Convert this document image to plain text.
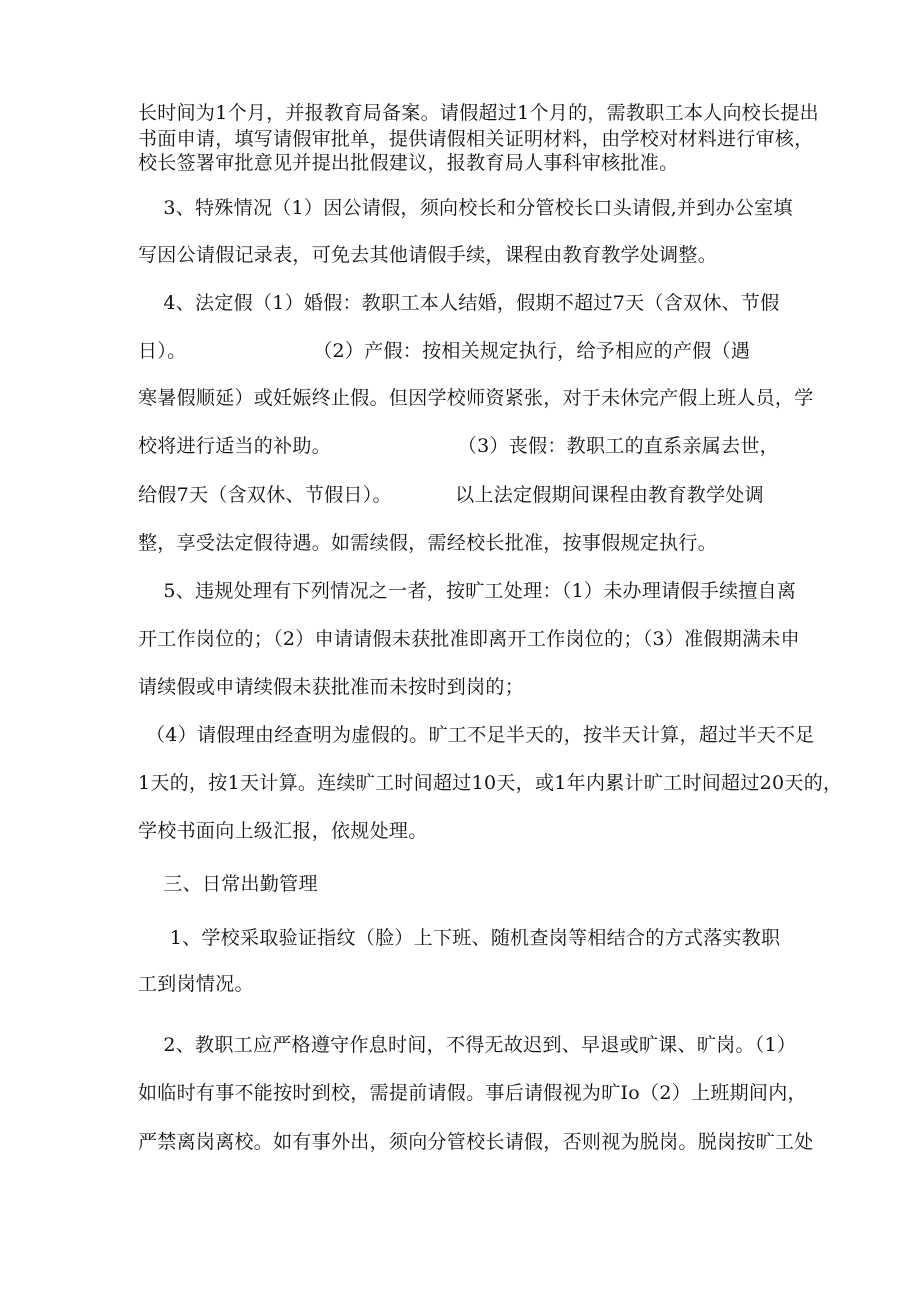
长时间为1个月，并报教育局备案。请假超过1个月的，需教职工本人向校长提出
书面申请，填写请假审批单，提供请假相关证明材料，由学校对材料进行审核，
校长签署审批意见并提出批假建议，报教育局人事科审核批准。
3、特殊情况（1）因公请假，须向校长和分管校长口头请假,并到办公室填
写因公请假记录表，可免去其他请假手续，课程由教育教学处调整。
4、法定假（1）婚假：教职工本人结婚，假期不超过7天（含双休、节假
日）。                    （2）产假：按相关规定执行，给予相应的产假（遇
寒暑假顺延）或妊娠终止假。但因学校师资紧张，对于未休完产假上班人员，学
校将进行适当的补助。                    （3）丧假：教职工的直系亲属去世，
给假7天（含双休、节假日）。          以上法定假期间课程由教育教学处调
整，享受法定假待遇。如需续假，需经校长批准，按事假规定执行。
5、违规处理有下列情况之一者，按旷工处理：（1）未办理请假手续擅自离
开工作岗位的；（2）申请请假未获批准即离开工作岗位的；（3）准假期满未申
请续假或申请续假未获批准而未按时到岗的；
（4）请假理由经查明为虚假的。旷工不足半天的，按半天计算，超过半天不足
1天的，按1天计算。连续旷工时间超过10天，或1年内累计旷工时间超过20天的，
学校书面向上级汇报，依规处理。
三、日常出勤管理
1、学校采取验证指纹（脸）上下班、随机查岗等相结合的方式落实教职
工到岗情况。
2、教职工应严格遵守作息时间，不得无故迟到、早退或旷课、旷岗。（1）
如临时有事不能按时到校，需提前请假。事后请假视为旷Io（2）上班期间内，
严禁离岗离校。如有事外出，须向分管校长请假，否则视为脱岗。脱岗按旷工处
